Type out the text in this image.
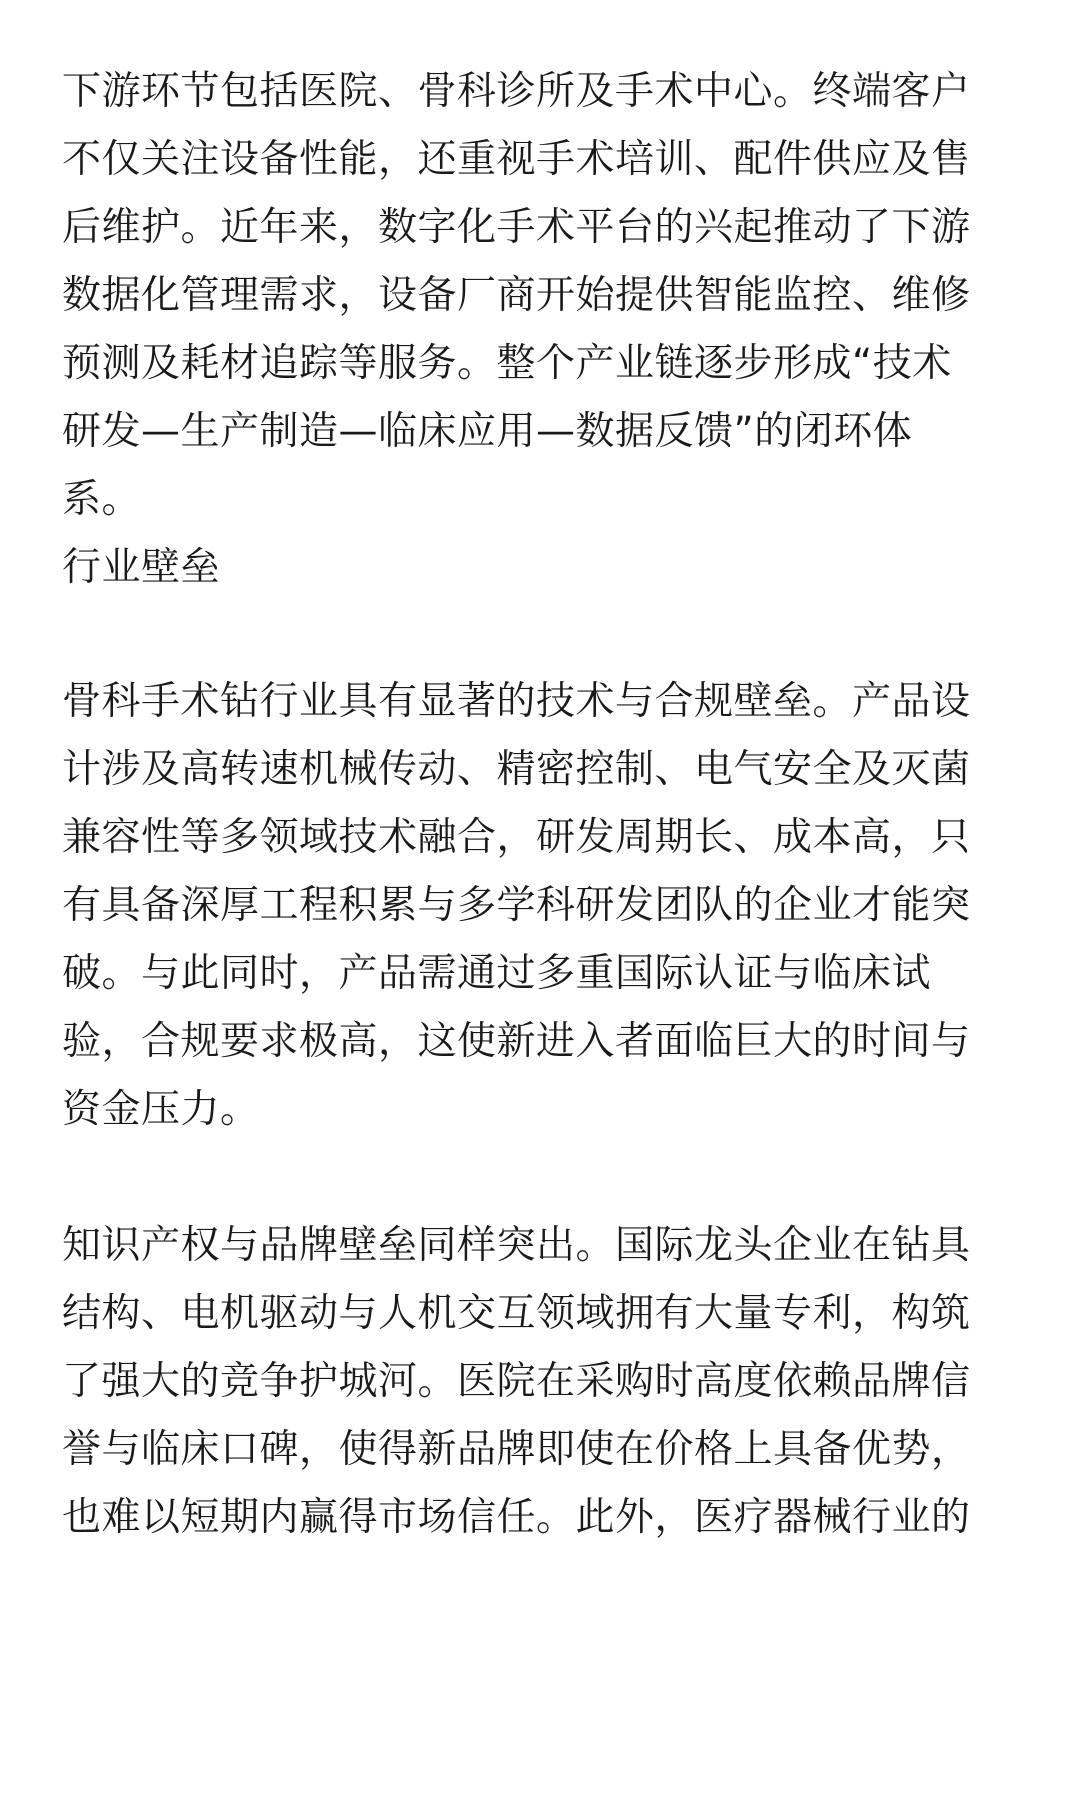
下游环节包括医院、骨科诊所及手术中心。终端客户
不仅关注设备性能，还重视手术培训、配件供应及售
后维护。近年来，数字化手术平台的兴起推动了下游
数据化管理需求，设备厂商开始提供智能监控、维修
预测及耗材追踪等服务。整个产业链逐步形成“技术
研发—生产制造—临床应用—数据反馈”的闭环体
系。

行业壁垒

骨科手术钻行业具有显著的技术与合规壁垒。产品设
计涉及高转速机械传动、精密控制、电气安全及灭菌
兼容性等多领域技术融合，研发周期长、成本高，只
有具备深厚工程积累与多学科研发团队的企业才能突
破。与此同时，产品需通过多重国际认证与临床试
验，合规要求极高，这使新进入者面临巨大的时间与
资金压力。

知识产权与品牌壁垒同样突出。国际龙头企业在钻具
结构、电机驱动与人机交互领域拥有大量专利，构筑
了强大的竞争护城河。医院在采购时高度依赖品牌信
誉与临床口碑，使得新品牌即使在价格上具备优势，
也难以短期内赢得市场信任。此外，医疗器械行业的
